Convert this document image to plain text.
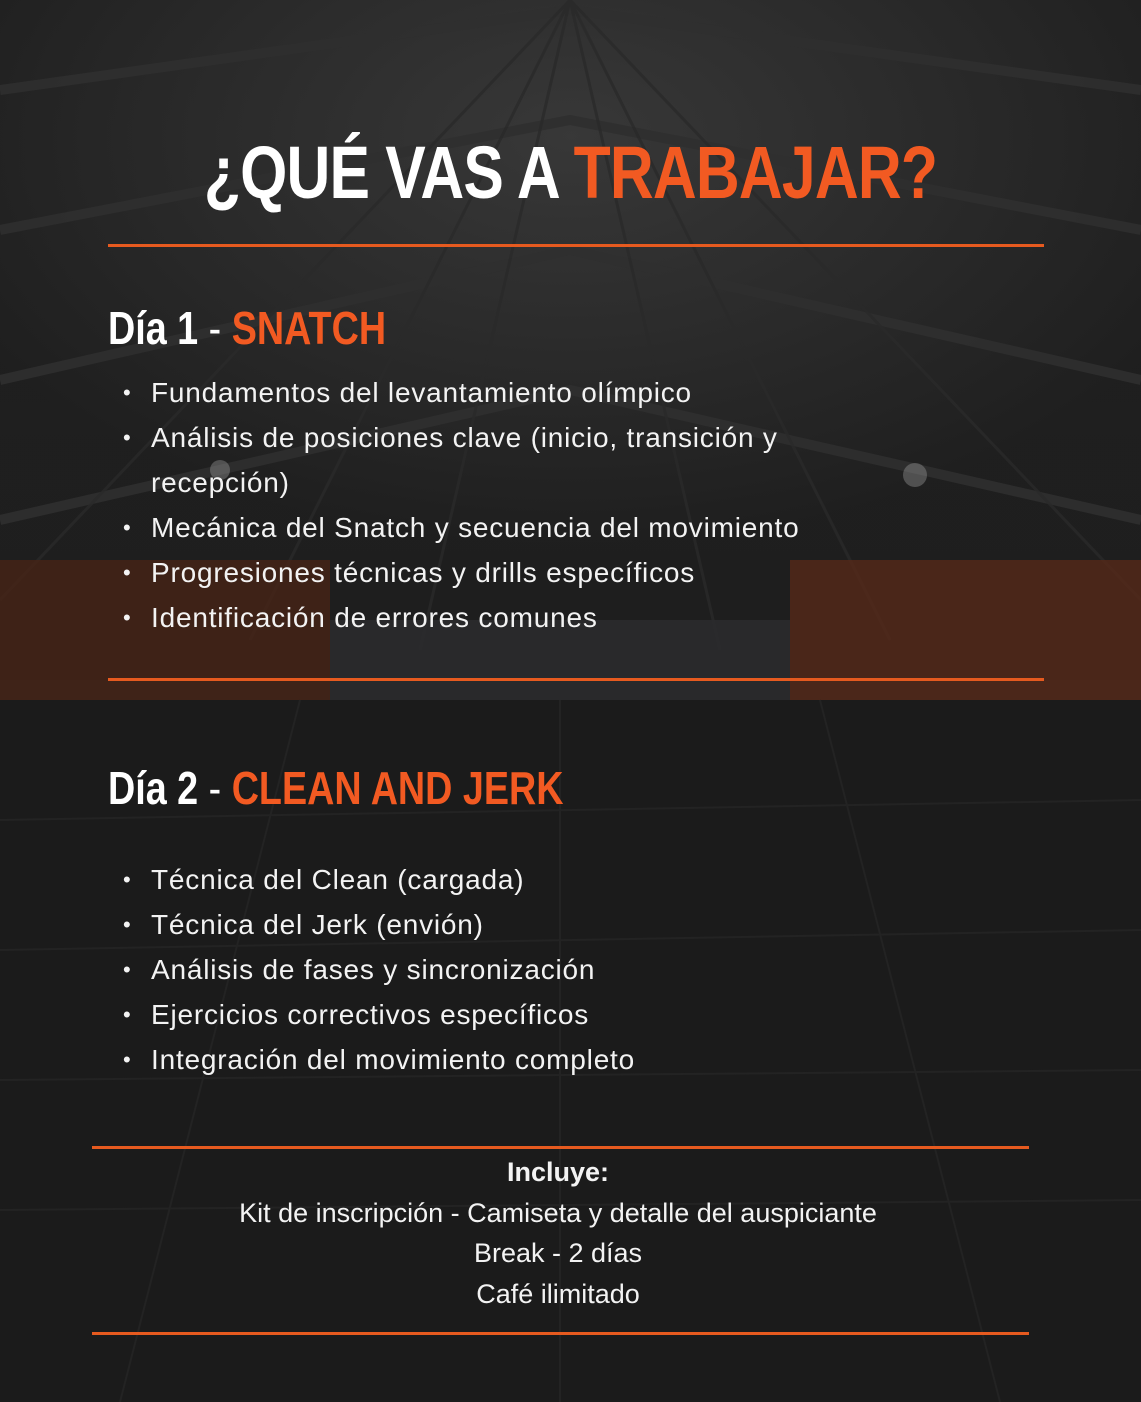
¿QUÉ VAS A TRABAJAR?
Día 1 - SNATCH
• Fundamentos del levantamiento olímpico
• Análisis de posiciones clave (inicio, transición y
recepción)
• Mecánica del Snatch y secuencia del movimiento
• Progresiones técnicas y drills específicos
• Identificación de errores comunes
Día 2 - CLEAN AND JERK
• Técnica del Clean (cargada)
• Técnica del Jerk (envión)
• Análisis de fases y sincronización
• Ejercicios correctivos específicos
• Integración del movimiento completo
Incluye:
Kit de inscripción - Camiseta y detalle del auspiciante
Break - 2 días
Café ilimitado
